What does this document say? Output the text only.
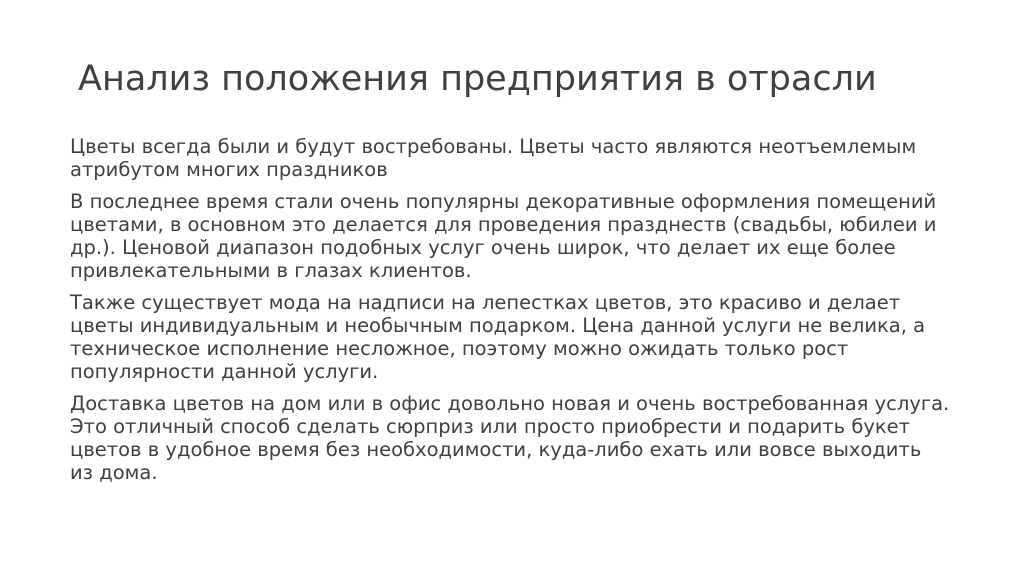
Анализ положения предприятия в отрасли

Цветы всегда были и будут востребованы. Цветы часто являются неотъемлемым атрибутом многих праздников

В последнее время стали очень популярны декоративные оформления помещений цветами, в основном это делается для проведения празднеств (свадьбы, юбилеи и др.). Ценовой диапазон подобных услуг очень широк, что делает их еще более привлекательными в глазах клиентов.

Также существует мода на надписи на лепестках цветов, это красиво и делает цветы индивидуальным и необычным подарком. Цена данной услуги не велика, а техническое исполнение несложное, поэтому можно ожидать только рост популярности данной услуги.

Доставка цветов на дом или в офис довольно новая и очень востребованная услуга. Это отличный способ сделать сюрприз или просто приобрести и подарить букет цветов в удобное время без необходимости, куда-либо ехать или вовсе выходить из дома.
